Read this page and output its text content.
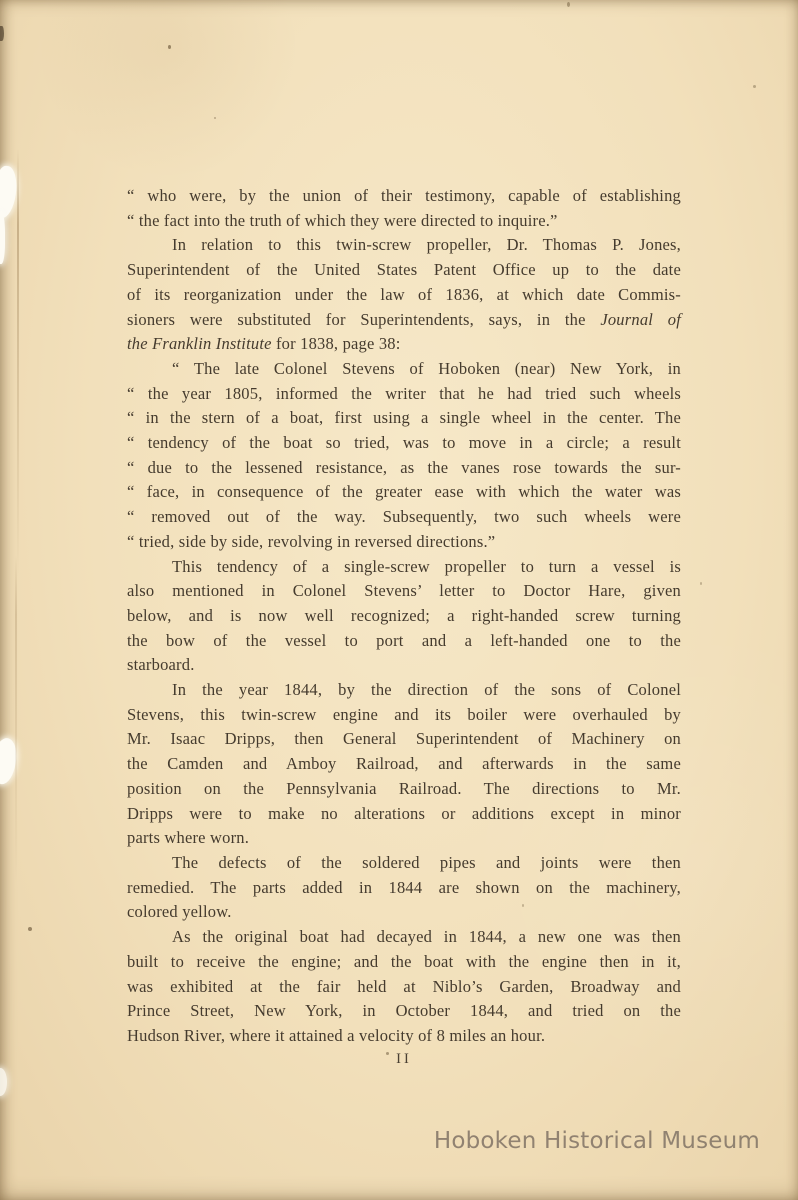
“ who were, by the union of their testimony, capable of establishing
“ the fact into the truth of which they were directed to inquire.”
In relation to this twin-screw propeller, Dr. Thomas P. Jones,
Superintendent of the United States Patent Office up to the date
of its reorganization under the law of 1836, at which date Commis-
sioners were substituted for Superintendents, says, in the Journal of
the Franklin Institute for 1838, page 38:
“ The late Colonel Stevens of Hoboken (near) New York, in
“ the year 1805, informed the writer that he had tried such wheels
“ in the stern of a boat, first using a single wheel in the center. The
“ tendency of the boat so tried, was to move in a circle; a result
“ due to the lessened resistance, as the vanes rose towards the sur-
“ face, in consequence of the greater ease with which the water was
“ removed out of the way. Subsequently, two such wheels were
“ tried, side by side, revolving in reversed directions.”
This tendency of a single-screw propeller to turn a vessel is
also mentioned in Colonel Stevens’ letter to Doctor Hare, given
below, and is now well recognized; a right-handed screw turning
the bow of the vessel to port and a left-handed one to the
starboard.
In the year 1844, by the direction of the sons of Colonel
Stevens, this twin-screw engine and its boiler were overhauled by
Mr. Isaac Dripps, then General Superintendent of Machinery on
the Camden and Amboy Railroad, and afterwards in the same
position on the Pennsylvania Railroad. The directions to Mr.
Dripps were to make no alterations or additions except in minor
parts where worn.
The defects of the soldered pipes and joints were then
remedied. The parts added in 1844 are shown on the machinery,
colored yellow.
As the original boat had decayed in 1844, a new one was then
built to receive the engine; and the boat with the engine then in it,
was exhibited at the fair held at Niblo’s Garden, Broadway and
Prince Street, New York, in October 1844, and tried on the
Hudson River, where it attained a velocity of 8 miles an hour.
II
Hoboken Historical Museum
